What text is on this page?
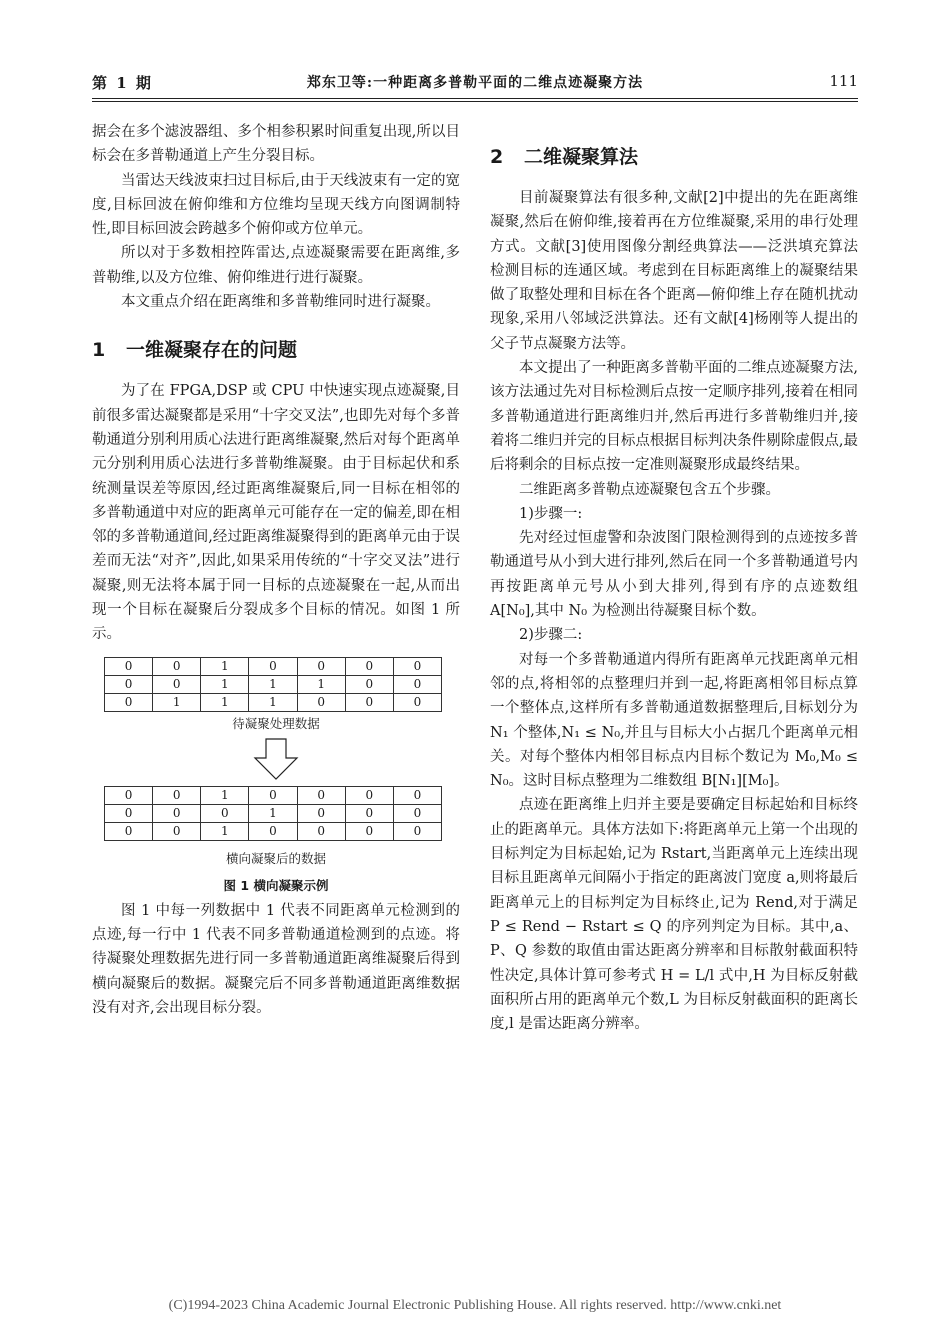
第 1 期	郑东卫等:一种距离多普勒平面的二维点迹凝聚方法	111

据会在多个滤波器组、多个相参积累时间重复出现,所以目标会在多普勒通道上产生分裂目标。

当雷达天线波束扫过目标后,由于天线波束有一定的宽度,目标回波在俯仰维和方位维均呈现天线方向图调制特性,即目标回波会跨越多个俯仰或方位单元。

所以对于多数相控阵雷达,点迹凝聚需要在距离维,多普勒维,以及方位维、俯仰维进行进行凝聚。

本文重点介绍在距离维和多普勒维同时进行凝聚。

1 一维凝聚存在的问题

为了在 FPGA,DSP 或 CPU 中快速实现点迹凝聚,目前很多雷达凝聚都是采用“十字交叉法”,也即先对每个多普勒通道分别利用质心法进行距离维凝聚,然后对每个距离单元分别利用质心法进行多普勒维凝聚。由于目标起伏和系统测量误差等原因,经过距离维凝聚后,同一目标在相邻的多普勒通道中对应的距离单元可能存在一定的偏差,即在相邻的多普勒通道间,经过距离维凝聚得到的距离单元由于误差而无法“对齐”,因此,如果采用传统的“十字交叉法”进行凝聚,则无法将本属于同一目标的点迹凝聚在一起,从而出现一个目标在凝聚后分裂成多个目标的情况。如图 1 所示。

0	0	1	0	0	0	0
0	0	1	1	1	0	0
0	1	1	1	0	0	0
待凝聚处理数据
0	0	1	0	0	0	0
0	0	0	1	0	0	0
0	0	1	0	0	0	0
横向凝聚后的数据
图 1 横向凝聚示例

图 1 中每一列数据中 1 代表不同距离单元检测到的点迹,每一行中 1 代表不同多普勒通道检测到的点迹。将待凝聚处理数据先进行同一多普勒通道距离维凝聚后得到横向凝聚后的数据。凝聚完后不同多普勒通道距离维数据没有对齐,会出现目标分裂。

2 二维凝聚算法

目前凝聚算法有很多种,文献[2]中提出的先在距离维凝聚,然后在俯仰维,接着再在方位维凝聚,采用的串行处理方式。文献[3]使用图像分割经典算法——泛洪填充算法检测目标的连通区域。考虑到在目标距离维上的凝聚结果做了取整处理和目标在各个距离—俯仰维上存在随机扰动现象,采用八邻域泛洪算法。还有文献[4]杨刚等人提出的父子节点凝聚方法等。

本文提出了一种距离多普勒平面的二维点迹凝聚方法,该方法通过先对目标检测后点按一定顺序排列,接着在相同多普勒通道进行距离维归并,然后再进行多普勒维归并,接着将二维归并完的目标点根据目标判决条件剔除虚假点,最后将剩余的目标点按一定准则凝聚形成最终结果。

二维距离多普勒点迹凝聚包含五个步骤。

1)步骤一:

先对经过恒虚警和杂波图门限检测得到的点迹按多普勒通道号从小到大进行排列,然后在同一个多普勒通道号内再按距离单元号从小到大排列,得到有序的点迹数组 A[N₀],其中 N₀ 为检测出待凝聚目标个数。

2)步骤二:

对每一个多普勒通道内得所有距离单元找距离单元相邻的点,将相邻的点整理归并到一起,将距离相邻目标点算一个整体点,这样所有多普勒通道数据整理后,目标划分为 N₁ 个整体,N₁ ≤ N₀,并且与目标大小占据几个距离单元相关。对每个整体内相邻目标点内目标个数记为 M₀,M₀ ≤ N₀。这时目标点整理为二维数组 B[N₁][M₀]。

点迹在距离维上归并主要是要确定目标起始和目标终止的距离单元。具体方法如下:将距离单元上第一个出现的目标判定为目标起始,记为 Rstart,当距离单元上连续出现目标且距离单元间隔小于指定的距离波门宽度 a,则将最后距离单元上的目标判定为目标终止,记为 Rend,对于满足 P ≤ Rend − Rstart ≤ Q 的序列判定为目标。其中,a、P、Q 参数的取值由雷达距离分辨率和目标散射截面积特性决定,具体计算可参考式 H = L/l 式中,H 为目标反射截面积所占用的距离单元个数,L 为目标反射截面积的距离长度,l 是雷达距离分辨率。

(C)1994-2023 China Academic Journal Electronic Publishing House. All rights reserved. http://www.cnki.net
